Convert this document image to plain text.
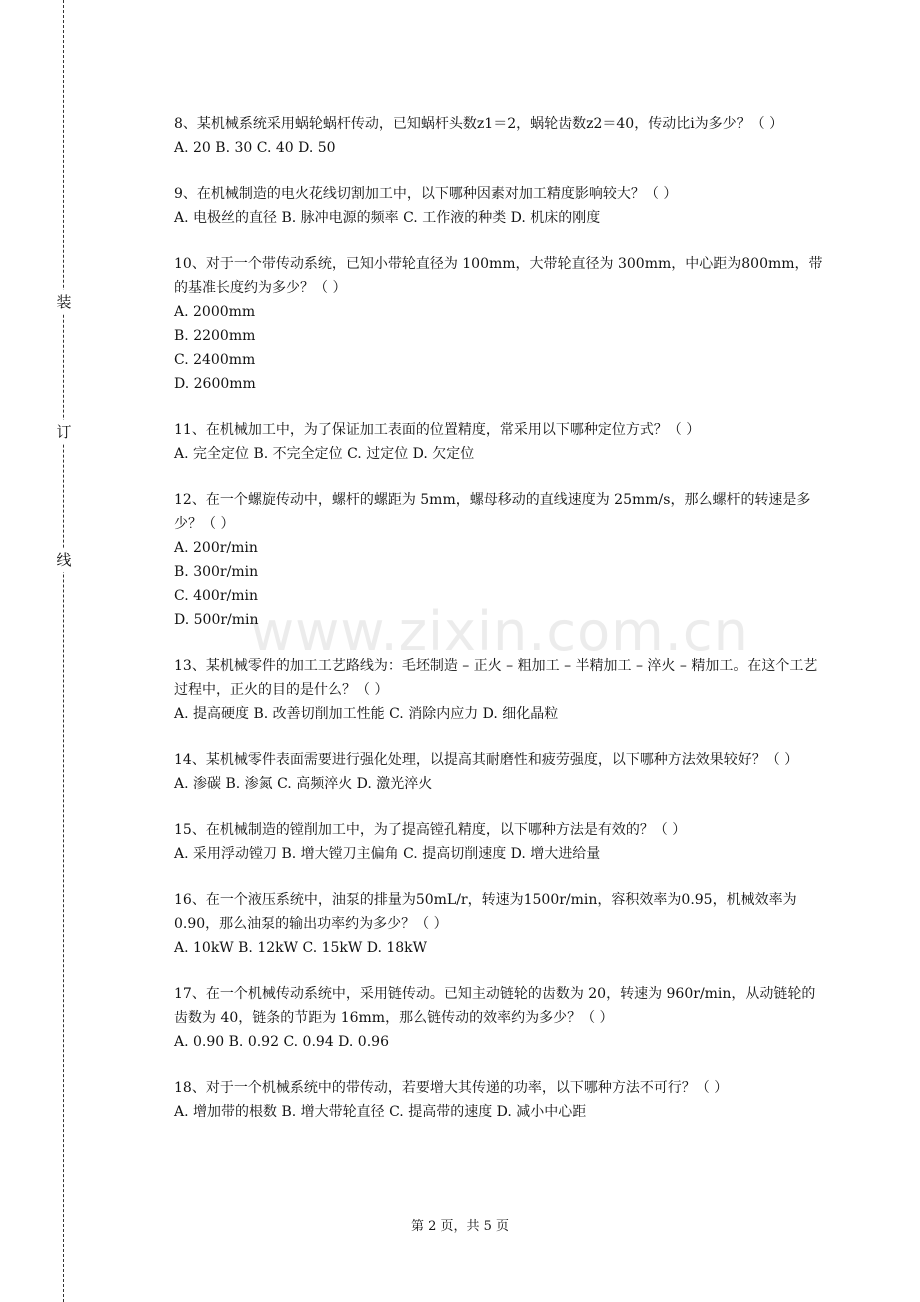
装
订
线
www.zixin.com.cn

8、某机械系统采用蜗轮蜗杆传动，已知蜗杆头数z1＝2，蜗轮齿数z2＝40，传动比i为多少？（ ）

A. 20 B. 30 C. 40 D. 50

9、在机械制造的电火花线切割加工中，以下哪种因素对加工精度影响较大？（ ）

A. 电极丝的直径 B. 脉冲电源的频率 C. 工作液的种类 D. 机床的刚度

10、对于一个带传动系统，已知小带轮直径为 100mm，大带轮直径为 300mm，中心距为800mm，带的基准长度约为多少？（ ）

A. 2000mm

B. 2200mm

C. 2400mm

D. 2600mm

11、在机械加工中，为了保证加工表面的位置精度，常采用以下哪种定位方式？（ ）

A. 完全定位 B. 不完全定位 C. 过定位 D. 欠定位

12、在一个螺旋传动中，螺杆的螺距为 5mm，螺母移动的直线速度为 25mm/s，那么螺杆的转速是多少？（ ）

A. 200r/min

B. 300r/min

C. 400r/min

D. 500r/min

13、某机械零件的加工工艺路线为：毛坯制造 – 正火 – 粗加工 – 半精加工 – 淬火 – 精加工。在这个工艺过程中，正火的目的是什么？（ ）

A. 提高硬度 B. 改善切削加工性能 C. 消除内应力 D. 细化晶粒

14、某机械零件表面需要进行强化处理，以提高其耐磨性和疲劳强度，以下哪种方法效果较好？（ ）

A. 渗碳 B. 渗氮 C. 高频淬火 D. 激光淬火

15、在机械制造的镗削加工中，为了提高镗孔精度，以下哪种方法是有效的？（ ）

A. 采用浮动镗刀 B. 增大镗刀主偏角 C. 提高切削速度 D. 增大进给量

16、在一个液压系统中，油泵的排量为50mL/r，转速为1500r/min，容积效率为0.95，机械效率为 0.90，那么油泵的输出功率约为多少？（ ）

A. 10kW B. 12kW C. 15kW D. 18kW

17、在一个机械传动系统中，采用链传动。已知主动链轮的齿数为 20，转速为 960r/min，从动链轮的齿数为 40，链条的节距为 16mm，那么链传动的效率约为多少？（ ）

A. 0.90 B. 0.92 C. 0.94 D. 0.96

18、对于一个机械系统中的带传动，若要增大其传递的功率，以下哪种方法不可行？（ ）

A. 增加带的根数 B. 增大带轮直径 C. 提高带的速度 D. 减小中心距

第 2 页，共 5 页
